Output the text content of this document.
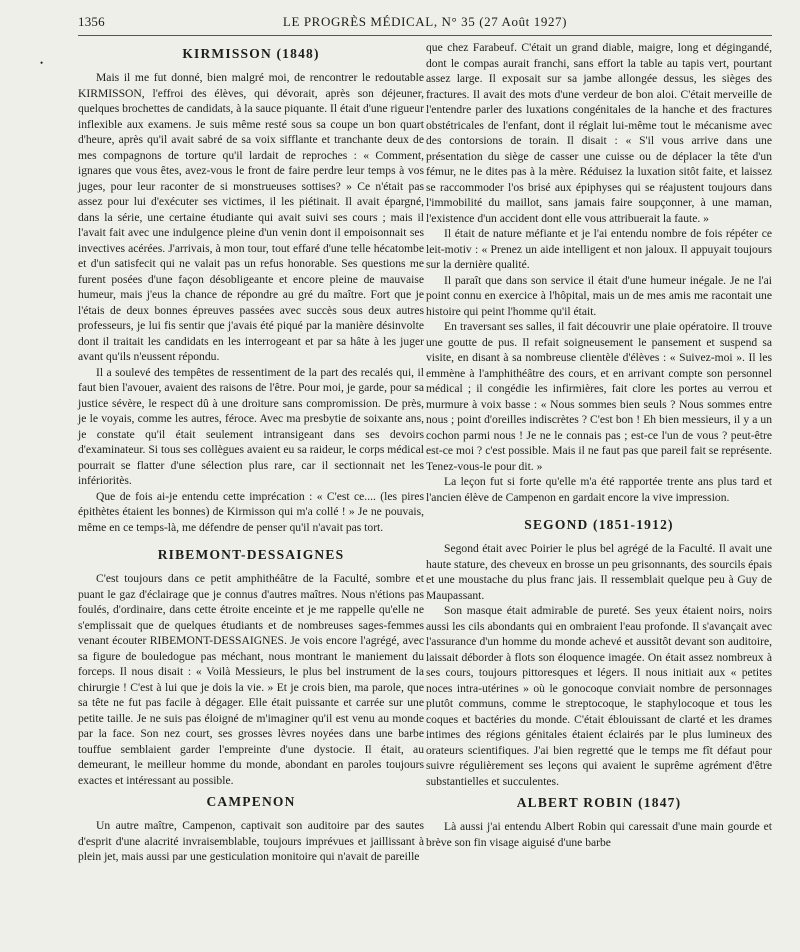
1356	LE PROGRÈS MÉDICAL, N° 35 (27 Août 1927)
•
KIRMISSON (1848)

Mais il me fut donné, bien malgré moi, de rencontrer le redoutable KIRMISSON, l'effroi des élèves, qui dévorait, après son déjeuner, quelques brochettes de candidats, à la sauce piquante. Il était d'une rigueur inflexible aux examens. Je suis même resté sous sa coupe un bon quart d'heure, après qu'il avait sabré de sa voix sifflante et tranchante deux de mes compagnons de torture qu'il lardait de reproches : « Comment, ignares que vous êtes, avez-vous le front de faire perdre leur temps à vos juges, pour leur raconter de si monstrueuses sottises? » Ce n'était pas assez pour lui d'exécuter ses victimes, il les piétinait. Il avait épargné, dans la série, une certaine étudiante qui avait suivi ses cours ; mais il l'avait fait avec une indulgence pleine d'un venin dont il empoisonnait ses invectives acérées. J'arrivais, à mon tour, tout effaré d'une telle hécatombe et d'un satisfecit qui ne valait pas un refus honorable. Ses questions me furent posées d'une façon désobligeante et encore pleine de mauvaise humeur, mais j'eus la chance de répondre au gré du maître. Fort que je l'étais de deux bonnes épreuves passées avec succès sous deux autres professeurs, je lui fis sentir que j'avais été piqué par la manière désinvolte dont il traitait les candidats en les interrogeant et par sa hâte à les juger avant qu'ils n'eussent répondu.

Il a soulevé des tempêtes de ressentiment de la part des recalés qui, il faut bien l'avouer, avaient des raisons de l'être. Pour moi, je garde, pour sa justice sévère, le respect dû à une droiture sans compromission. De près, je le voyais, comme les autres, féroce. Avec ma presbytie de soixante ans, je constate qu'il était seulement intransigeant dans ses devoirs d'examinateur. Si tous ses collègues avaient eu sa raideur, le corps médical pourrait se flatter d'une sélection plus rare, car il sectionnait net les inférioritès.

Que de fois ai-je entendu cette imprécation : « C'est ce.... (les pires épithètes étaient les bonnes) de Kirmisson qui m'a collé ! » Je ne pouvais, même en ce temps-là, me défendre de penser qu'il n'avait pas tort.

RIBEMONT-DESSAIGNES

C'est toujours dans ce petit amphithéâtre de la Faculté, sombre et puant le gaz d'éclairage que je connus d'autres maîtres. Nous n'étions pas foulés, d'ordinaire, dans cette étroite enceinte et je me rappelle qu'elle ne s'emplissait que de quelques étudiants et de nombreuses sages-femmes venant écouter RIBEMONT-DESSAIGNES. Je vois encore l'agrégé, avec sa figure de bouledogue pas méchant, nous montrant le maniement du forceps. Il nous disait : « Voilà Messieurs, le plus bel instrument de la chirurgie ! C'est à lui que je dois la vie. » Et je crois bien, ma parole, que sa tête ne fut pas facile à dégager. Elle était puissante et carrée sur une petite taille. Je ne suis pas éloigné de m'imaginer qu'il est venu au monde par la face. Son nez court, ses grosses lèvres noyées dans une barbe touffue semblaient garder l'empreinte d'une dystocie. Il était, au demeurant, le meilleur homme du monde, abondant en paroles toujours exactes et intéressant au possible.

CAMPENON

Un autre maître, Campenon, captivait son auditoire par des sautes d'esprit d'une alacrité invraisemblable, toujours imprévues et jaillissant à plein jet, mais aussi par une gesticulation monitoire qui n'avait de pareille

que chez Farabeuf. C'était un grand diable, maigre, long et dégingandé, dont le compas aurait franchi, sans effort la table au tapis vert, pourtant assez large. Il exposait sur sa jambe allongée dessus, les sièges des fractures. Il avait des mots d'une verdeur de bon aloi. C'était merveille de l'entendre parler des luxations congénitales de la hanche et des fractures obstétricales de l'enfant, dont il réglait lui-même tout le mécanisme avec des contorsions de torain. Il disait : « S'il vous arrive dans une présentation du siège de casser une cuisse ou de déplacer la tête d'un fémur, ne le dites pas à la mère. Réduisez la luxation sitôt faite, et laissez se raccommoder l'os brisé aux épiphyses qui se réajustent toujours dans l'immobilité du maillot, sans jamais faire soupçonner, à une maman, l'existence d'un accident dont elle vous attribuerait la faute. »

Il était de nature méfiante et je l'ai entendu nombre de fois répéter ce leit-motiv : « Prenez un aide intelligent et non jaloux. Il appuyait toujours sur la dernière qualité.

Il paraît que dans son service il était d'une humeur inégale. Je ne l'ai point connu en exercice à l'hôpital, mais un de mes amis me racontait une histoire qui peint l'homme qu'il était.

En traversant ses salles, il fait découvrir une plaie opératoire. Il trouve une goutte de pus. Il refait soigneusement le pansement et suspend sa visite, en disant à sa nombreuse clientèle d'élèves : « Suivez-moi ». Il les emmène à l'amphithéâtre des cours, et en arrivant compte son personnel médical ; il congédie les infirmières, fait clore les portes au verrou et murmure à voix basse : « Nous sommes bien seuls ? Nous sommes entre nous ; point d'oreilles indiscrètes ? C'est bon ! Eh bien messieurs, il y a un cochon parmi nous ! Je ne le connais pas ; est-ce l'un de vous ? peut-être est-ce moi ? c'est possible. Mais il ne faut pas que pareil fait se représente. Tenez-vous-le pour dit. »

La leçon fut si forte qu'elle m'a été rapportée trente ans plus tard et l'ancien élève de Campenon en gardait encore la vive impression.

SEGOND (1851-1912)

Segond était avec Poirier le plus bel agrégé de la Faculté. Il avait une haute stature, des cheveux en brosse un peu grisonnants, des sourcils épais et une moustache du plus franc jais. Il ressemblait quelque peu à Guy de Maupassant.

Son masque était admirable de pureté. Ses yeux étaient noirs, noirs aussi les cils abondants qui en ombraient l'eau profonde. Il s'avançait avec l'assurance d'un homme du monde achevé et aussitôt devant son auditoire, laissait déborder à flots son éloquence imagée. On était assez nombreux à ses cours, toujours pittoresques et légers. Il nous initiait aux « petites noces intra-utérines » où le gonocoque conviait nombre de personnages plutôt communs, comme le streptocoque, le staphylocoque et tous les coques et bactéries du monde. C'était éblouissant de clarté et les drames intimes des régions génitales étaient éclairés par le plus lumineux des orateurs scientifiques. J'ai bien regretté que le temps me fît défaut pour suivre régulièrement ses leçons qui avaient le suprême agrément d'être substantielles et succulentes.

ALBERT ROBIN (1847)

Là aussi j'ai entendu Albert Robin qui caressait d'une main gourde et brève son fin visage aiguisé d'une barbe
